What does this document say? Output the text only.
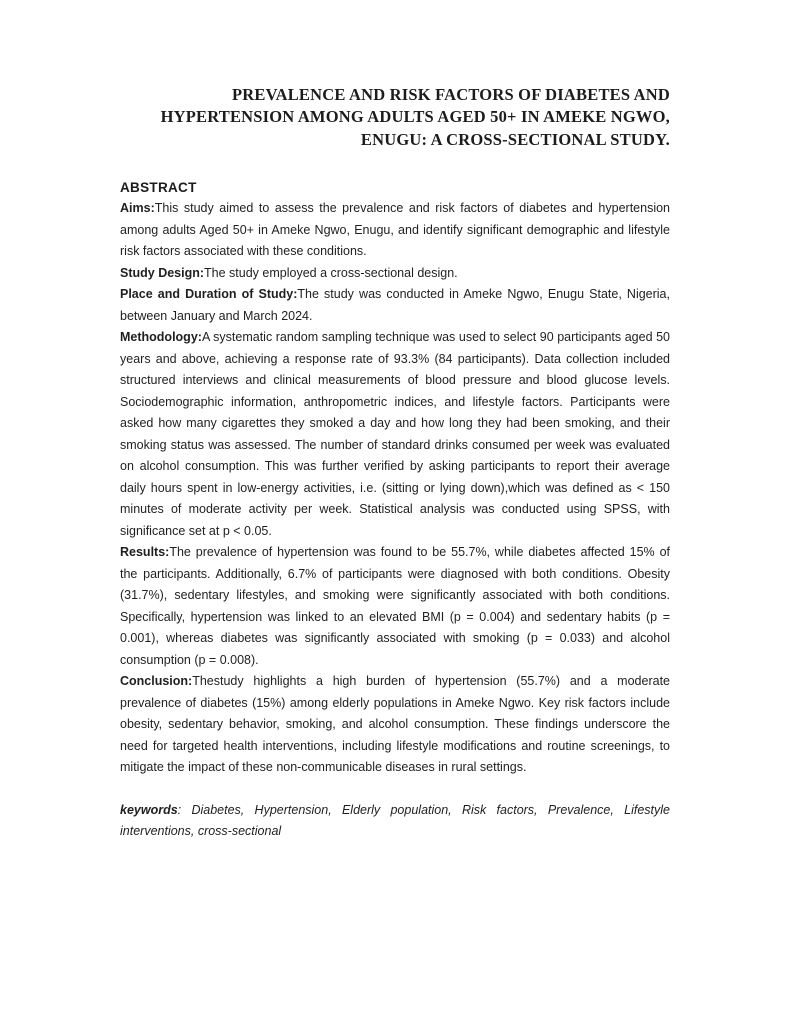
PREVALENCE AND RISK FACTORS OF DIABETES AND
HYPERTENSION AMONG ADULTS AGED 50+ IN AMEKE NGWO,
ENUGU: A CROSS-SECTIONAL STUDY.
ABSTRACT

Aims:This study aimed to assess the prevalence and risk factors of diabetes and hypertension among adults Aged 50+ in Ameke Ngwo, Enugu, and identify significant demographic and lifestyle risk factors associated with these conditions.

Study Design:The study employed a cross-sectional design.

Place and Duration of Study:The study was conducted in Ameke Ngwo, Enugu State, Nigeria, between January and March 2024.

Methodology:A systematic random sampling technique was used to select 90 participants aged 50 years and above, achieving a response rate of 93.3% (84 participants). Data collection included structured interviews and clinical measurements of blood pressure and blood glucose levels. Sociodemographic information, anthropometric indices, and lifestyle factors. Participants were asked how many cigarettes they smoked a day and how long they had been smoking, and their smoking status was assessed. The number of standard drinks consumed per week was evaluated on alcohol consumption. This was further verified by asking participants to report their average daily hours spent in low-energy activities, i.e. (sitting or lying down),which was defined as < 150 minutes of moderate activity per week. Statistical analysis was conducted using SPSS, with significance set at p < 0.05.

Results:The prevalence of hypertension was found to be 55.7%, while diabetes affected 15% of the participants. Additionally, 6.7% of participants were diagnosed with both conditions. Obesity (31.7%), sedentary lifestyles, and smoking were significantly associated with both conditions. Specifically, hypertension was linked to an elevated BMI (p = 0.004) and sedentary habits (p = 0.001), whereas diabetes was significantly associated with smoking (p = 0.033) and alcohol consumption (p = 0.008).

Conclusion:Thestudy highlights a high burden of hypertension (55.7%) and a moderate prevalence of diabetes (15%) among elderly populations in Ameke Ngwo. Key risk factors include obesity, sedentary behavior, smoking, and alcohol consumption. These findings underscore the need for targeted health interventions, including lifestyle modifications and routine screenings, to mitigate the impact of these non-communicable diseases in rural settings.

keywords: Diabetes, Hypertension, Elderly population, Risk factors, Prevalence, Lifestyle interventions, cross-sectional
